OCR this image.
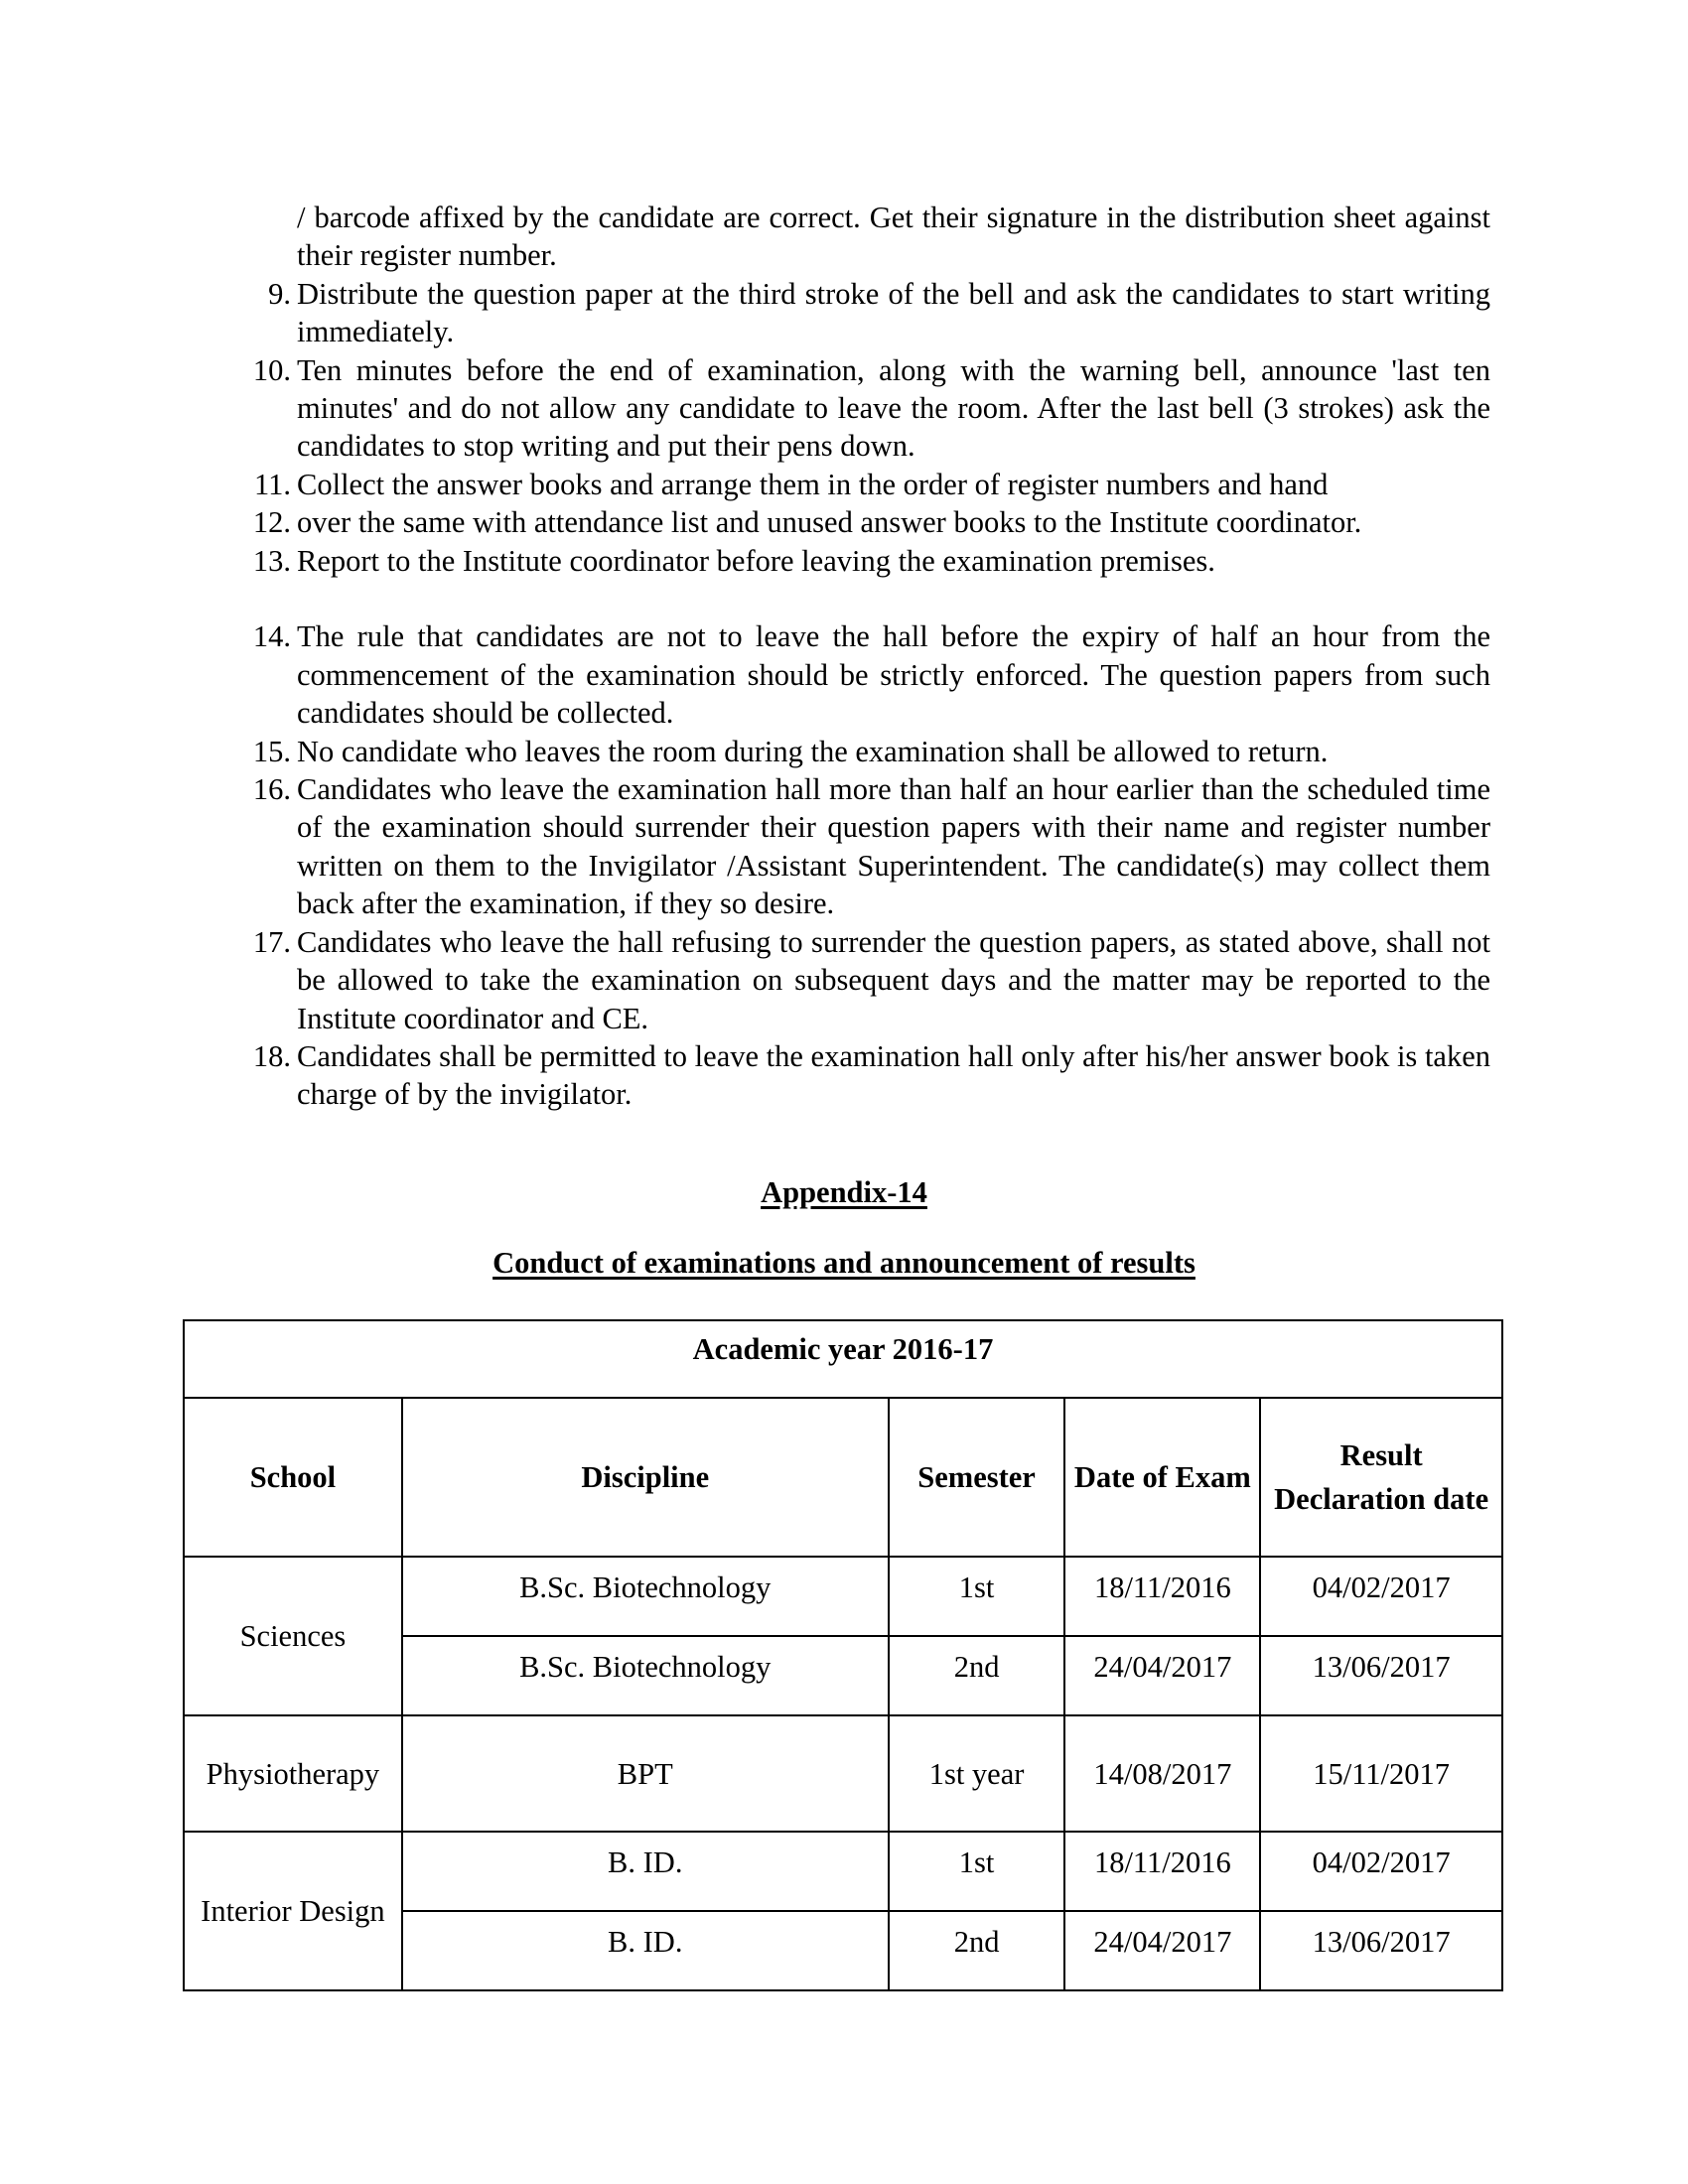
/ barcode affixed by the candidate are correct. Get their signature in the distribution sheet against their register number.
9. Distribute the question paper at the third stroke of the bell and ask the candidates to start writing immediately.
10. Ten minutes before the end of examination, along with the warning bell, announce 'last ten minutes' and do not allow any candidate to leave the room. After the last bell (3 strokes) ask the candidates to stop writing and put their pens down.
11. Collect the answer books and arrange them in the order of register numbers and hand
12. over the same with attendance list and unused answer books to the Institute coordinator.
13. Report to the Institute coordinator before leaving the examination premises.
14. The rule that candidates are not to leave the hall before the expiry of half an hour from the commencement of the examination should be strictly enforced. The question papers from such candidates should be collected.
15. No candidate who leaves the room during the examination shall be allowed to return.
16. Candidates who leave the examination hall more than half an hour earlier than the scheduled time of the examination should surrender their question papers with their name and register number written on them to the Invigilator /Assistant Superintendent. The candidate(s) may collect them back after the examination, if they so desire.
17. Candidates who leave the hall refusing to surrender the question papers, as stated above, shall not be allowed to take the examination on subsequent days and the matter may be reported to the Institute coordinator and CE.
18. Candidates shall be permitted to leave the examination hall only after his/her answer book is taken charge of by the invigilator.
Appendix-14
Conduct of examinations and announcement of results
Academic year 2016-17				
School	Discipline	Semester	Date of Exam	Result Declaration date
Sciences	B.Sc. Biotechnology	1st	18/11/2016	04/02/2017
	B.Sc. Biotechnology	2nd	24/04/2017	13/06/2017
Physiotherapy	BPT	1st year	14/08/2017	15/11/2017
Interior Design	B. ID.	1st	18/11/2016	04/02/2017
	B. ID.	2nd	24/04/2017	13/06/2017
